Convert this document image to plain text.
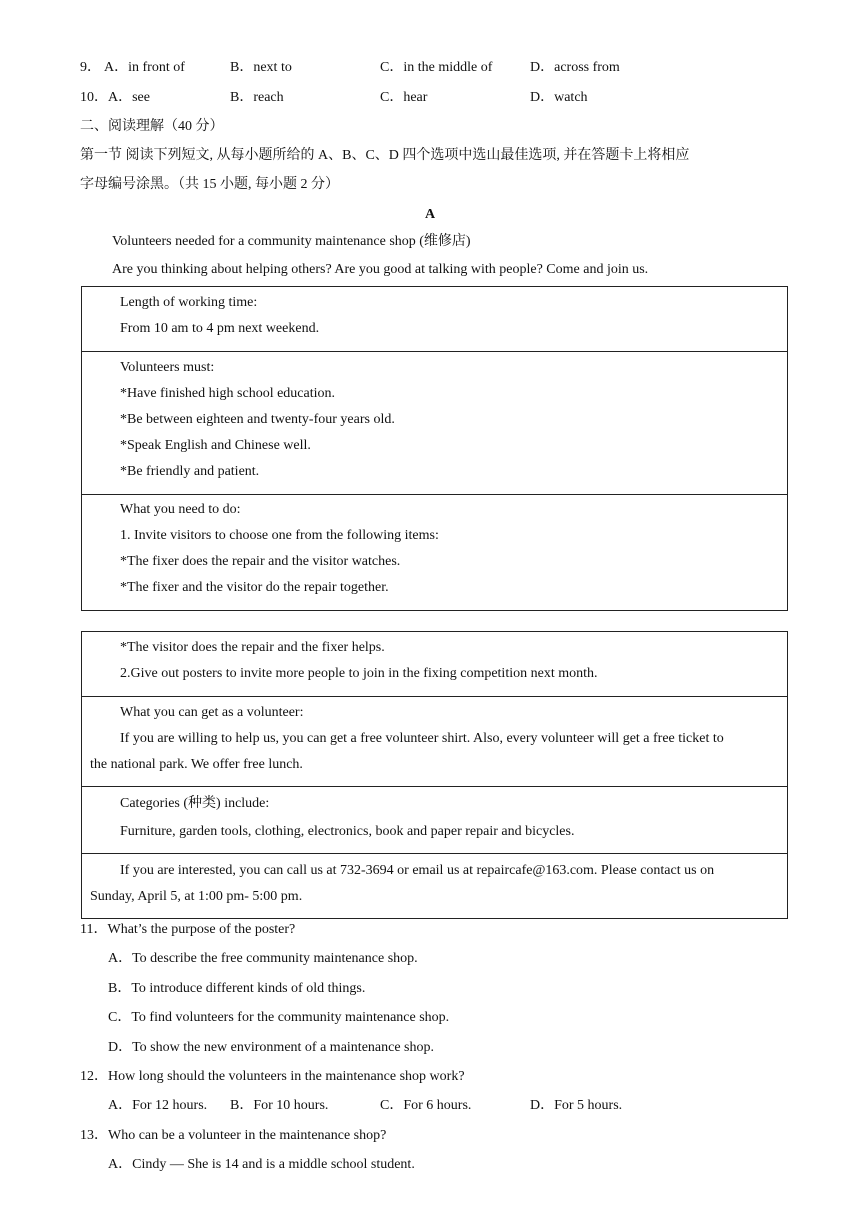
9． A．in front of	B．next to	C．in the middle of	D．across from
10． A．see	B．reach	C．hear	D．watch
二、阅读理解（40 分）
第一节 阅读下列短文, 从每小题所给的 A、B、C、D 四个选项中选山最佳选项, 并在答题卡上将相应
字母编号涂黑。（共 15 小题, 每小题 2 分）
A
Volunteers needed for a community maintenance shop (维修店)
Are you thinking about helping others? Are you good at talking with people? Come and join us.
Length of working time:
From 10 am to 4 pm next weekend.
Volunteers must:
*Have finished high school education.
*Be between eighteen and twenty-four years old.
*Speak English and Chinese well.
*Be friendly and patient.
What you need to do:
1. Invite visitors to choose one from the following items:
*The fixer does the repair and the visitor watches.
*The fixer and the visitor do the repair together.
*The visitor does the repair and the fixer helps.
2.Give out posters to invite more people to join in the fixing competition next month.
What you can get as a volunteer:
If you are willing to help us, you can get a free volunteer shirt. Also, every volunteer will get a free ticket to
the national park. We offer free lunch.
Categories (种类) include:
Furniture, garden tools, clothing, electronics, book and paper repair and bicycles.
If you are interested, you can call us at 732-3694 or email us at repaircafe@163.com. Please contact us on
Sunday, April 5, at 1:00 pm- 5:00 pm.
11．What’s the purpose of the poster?
A．To describe the free community maintenance shop.
B．To introduce different kinds of old things.
C．To find volunteers for the community maintenance shop.
D．To show the new environment of a maintenance shop.
12．How long should the volunteers in the maintenance shop work?
A．For 12 hours. B．For 10 hours.	C．For 6 hours.	D．For 5 hours.
13．Who can be a volunteer in the maintenance shop?
A．Cindy — She is 14 and is a middle school student.
